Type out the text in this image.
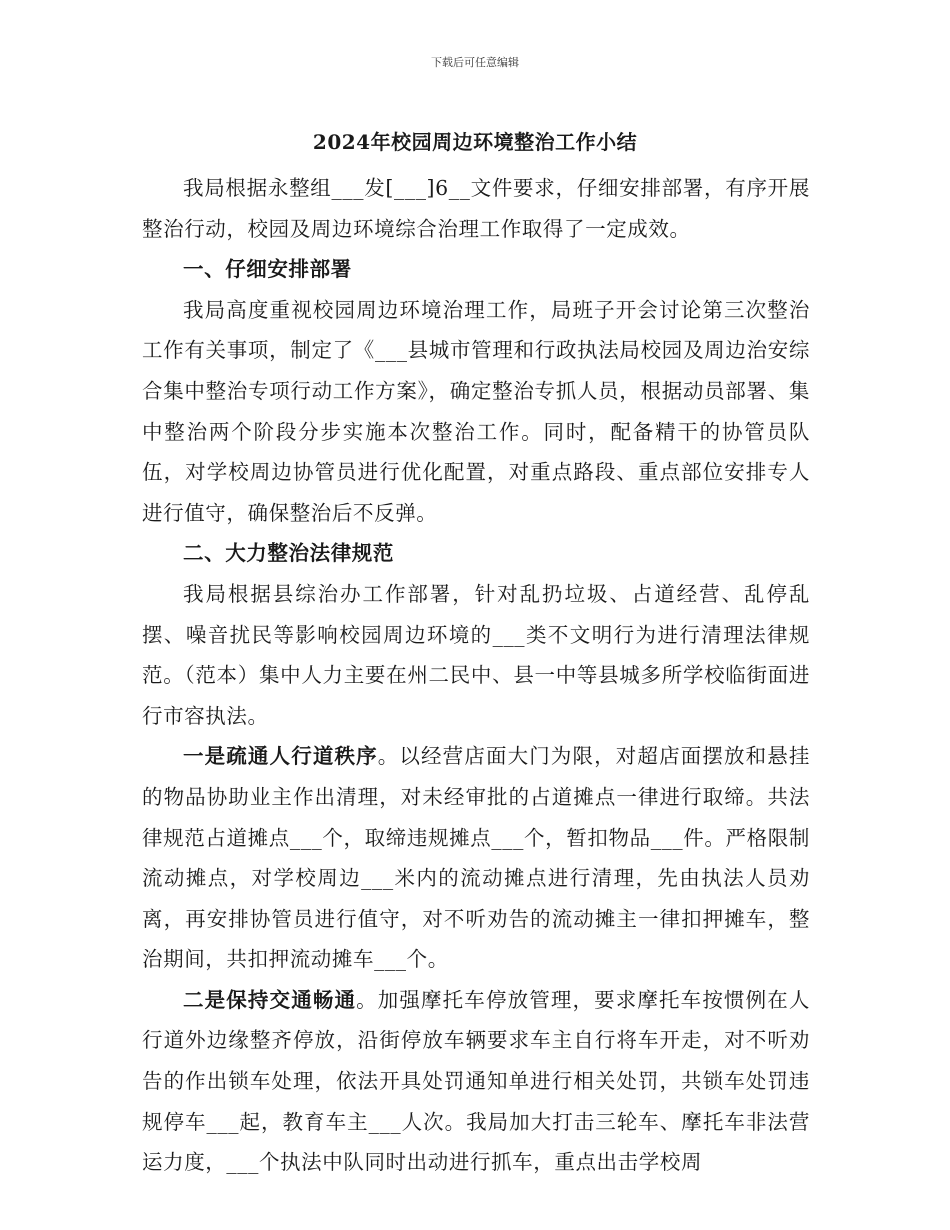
下载后可任意编辑
2024年校园周边环境整治工作小结

我局根据永整组___发[___]6__文件要求，仔细安排部署，有序开展整治行动，校园及周边环境综合治理工作取得了一定成效。

一、仔细安排部署

我局高度重视校园周边环境治理工作，局班子开会讨论第三次整治工作有关事项，制定了《___县城市管理和行政执法局校园及周边治安综合集中整治专项行动工作方案》，确定整治专抓人员，根据动员部署、集中整治两个阶段分步实施本次整治工作。同时，配备精干的协管员队伍，对学校周边协管员进行优化配置，对重点路段、重点部位安排专人进行值守，确保整治后不反弹。

二、大力整治法律规范

我局根据县综治办工作部署，针对乱扔垃圾、占道经营、乱停乱摆、噪音扰民等影响校园周边环境的___类不文明行为进行清理法律规范。（范本）集中人力主要在州二民中、县一中等县城多所学校临街面进行市容执法。

一是疏通人行道秩序。以经营店面大门为限，对超店面摆放和悬挂的物品协助业主作出清理，对未经审批的占道摊点一律进行取缔。共法律规范占道摊点___个，取缔违规摊点___个，暂扣物品___件。严格限制流动摊点，对学校周边___米内的流动摊点进行清理，先由执法人员劝离，再安排协管员进行值守，对不听劝告的流动摊主一律扣押摊车，整治期间，共扣押流动摊车___个。

二是保持交通畅通。加强摩托车停放管理，要求摩托车按惯例在人行道外边缘整齐停放，沿街停放车辆要求车主自行将车开走，对不听劝告的作出锁车处理，依法开具处罚通知单进行相关处罚，共锁车处罚违规停车___起，教育车主___人次。我局加大打击三轮车、摩托车非法营运力度，___个执法中队同时出动进行抓车，重点出击学校周
